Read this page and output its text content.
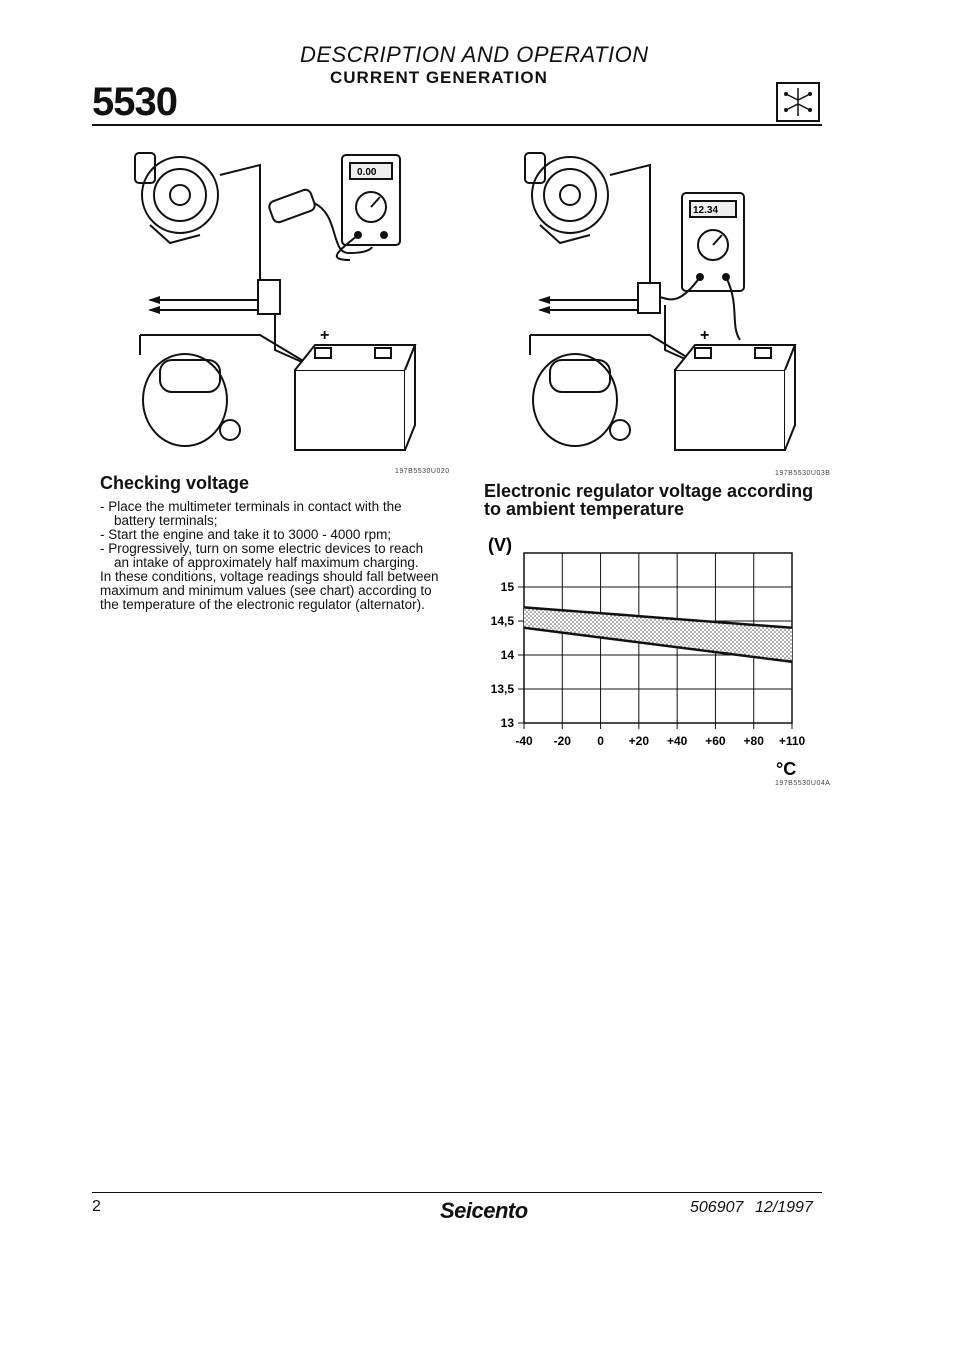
5530
DESCRIPTION AND OPERATION
CURRENT GENERATION
0.00
+
197B5530U020
12.34
+
197B5530U03B
Checking voltage

- Place the multimeter terminals in contact with the battery terminals;

- Start the engine and take it to 3000 - 4000 rpm;

- Progressively, turn on some electric devices to reach an intake of approximately half maximum charging.

In these conditions, voltage readings should fall between maximum and minimum values (see chart) according to the temperature of the electronic regulator (alternator).

Electronic regulator voltage according
to ambient temperature
(V)
13
13,5
14
14,5
15
-40 -20 0 +20 +40 +60 +80 +110
°C
197B5530U04A
2	Seicento	506907 12/1997
